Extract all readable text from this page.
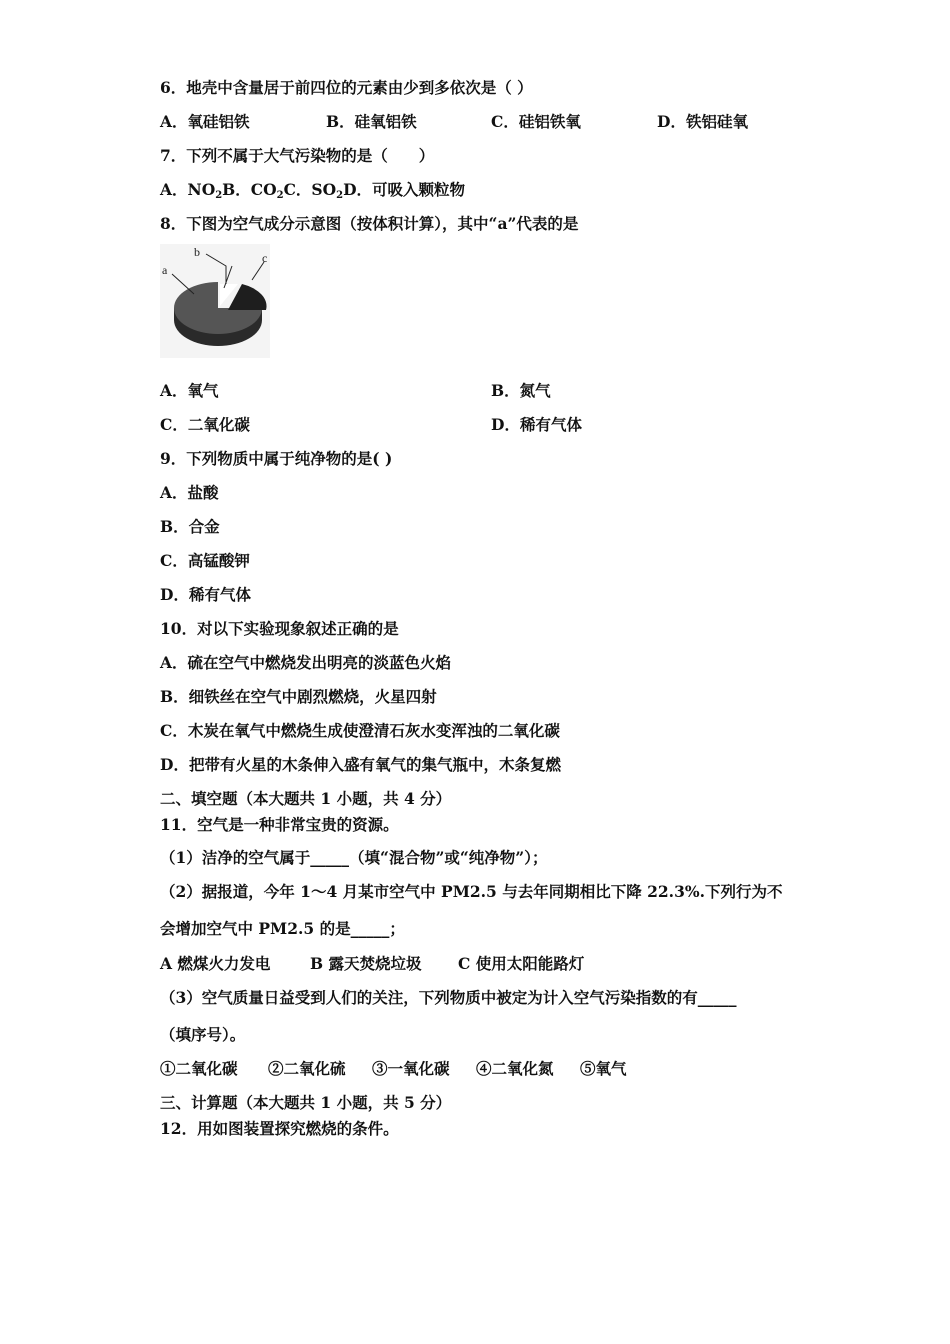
6．地壳中含量居于前四位的元素由少到多依次是（ ）
A．氧硅铝铁	B．硅氧铝铁	C．硅铝铁氧	D．铁铝硅氧
7．下列不属于大气污染物的是（　　）
A．$NO_2B$．$CO_2C$．$SO_2D$．可吸入颗粒物
8．下图为空气成分示意图（按体积计算），其中“a”代表的是
a
b	c
A．氧气	B．氮气
C．二氧化碳	D．稀有气体
9．下列物质中属于纯净物的是( )
A．盐酸
B．合金
C．高锰酸钾
D．稀有气体
10．对以下实验现象叙述正确的是
A．硫在空气中燃烧发出明亮的淡蓝色火焰
B．细铁丝在空气中剧烈燃烧，火星四射
C．木炭在氧气中燃烧生成使澄清石灰水变浑浊的二氧化碳
D．把带有火星的木条伸入盛有氧气的集气瓶中，木条复燃
二、填空题（本大题共 1 小题，共 4 分）
11．空气是一种非常宝贵的资源。
（1）洁净的空气属于_____（填“混合物”或“纯净物”）；
（2）据报道，今年 1～4 月某市空气中 PM2.5 与去年同期相比下降 22.3%.下列行为不
会增加空气中 PM2.5 的是_____；
A 燃煤火力发电	B 露天焚烧垃圾 C 使用太阳能路灯
（3）空气质量日益受到人们的关注，下列物质中被定为计入空气污染指数的有_____
（填序号）。
①二氧化碳 ②二氧化硫 ③一氧化碳 ④二氧化氮 ⑤氧气
三、计算题（本大题共 1 小题，共 5 分）
12．用如图装置探究燃烧的条件。
